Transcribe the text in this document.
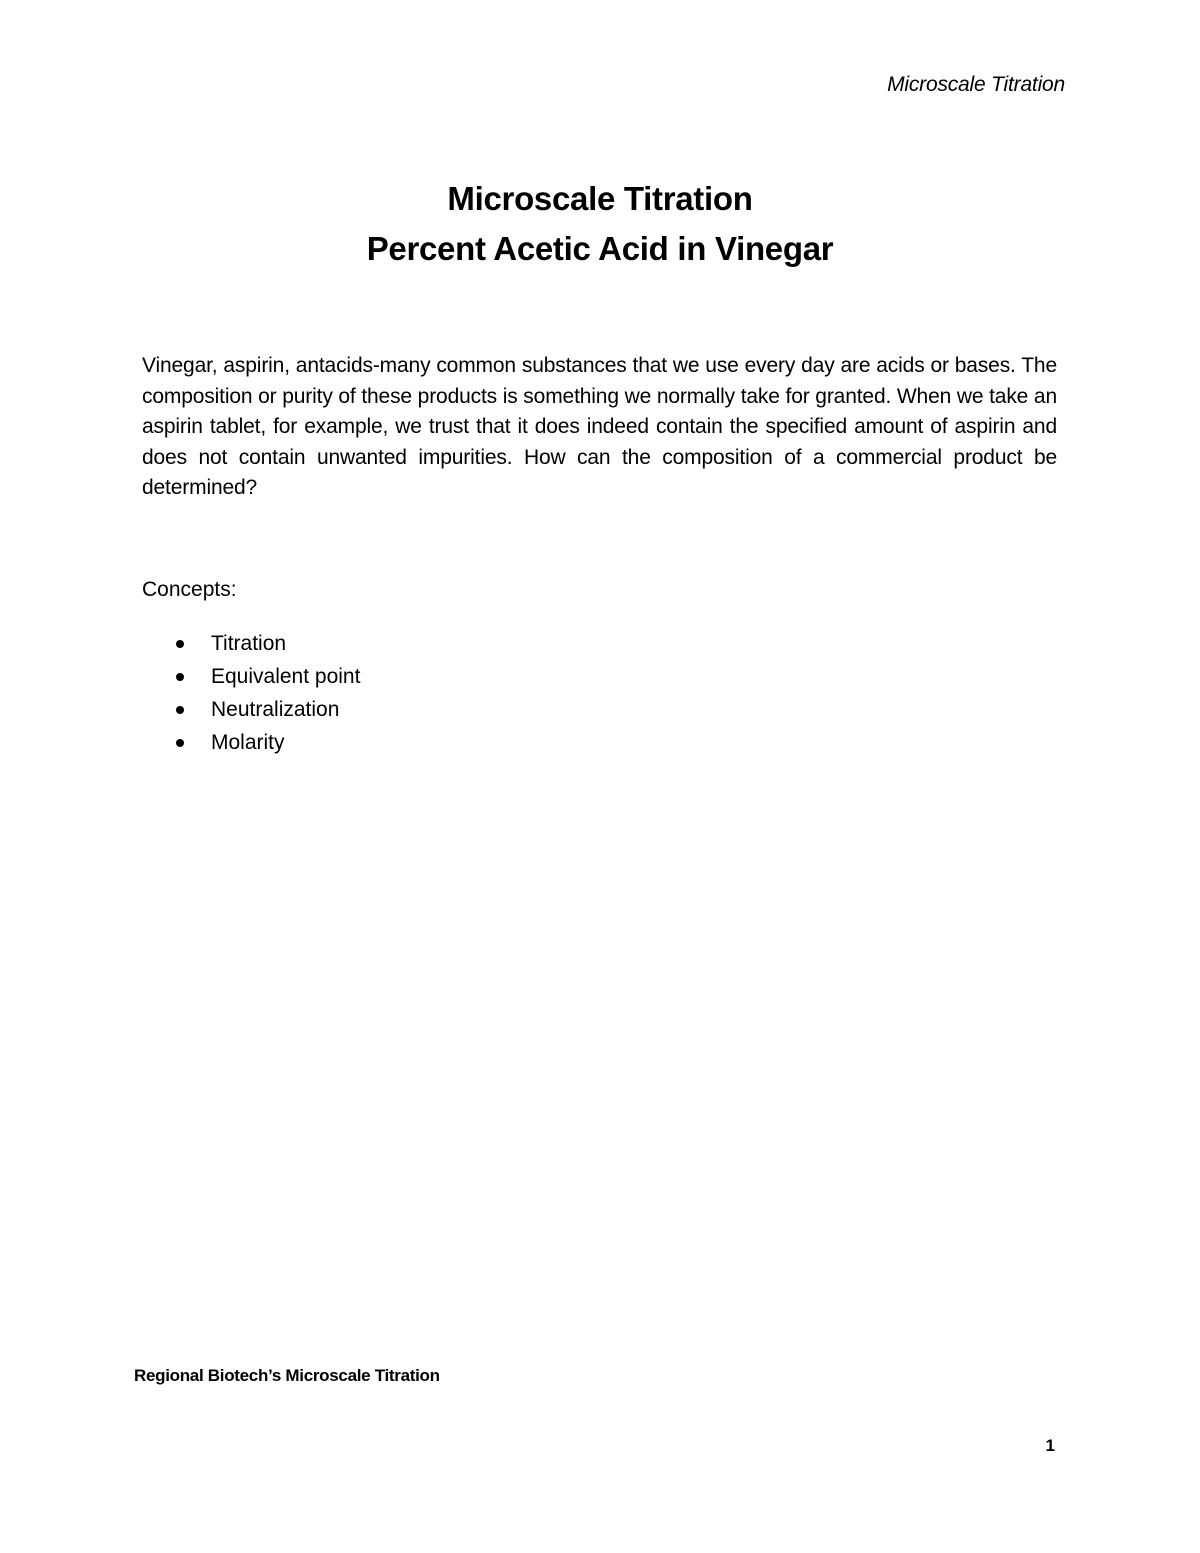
Microscale Titration
Microscale Titration
Percent Acetic Acid in Vinegar

Vinegar, aspirin, antacids-many common substances that we use every day are acids or bases. The composition or purity of these products is something we normally take for granted. When we take an aspirin tablet, for example, we trust that it does indeed contain the specified amount of aspirin and does not contain unwanted impurities. How can the composition of a commercial product be determined?

Concepts:

Titration
Equivalent point
Neutralization
Molarity
Regional Biotech’s Microscale Titration
1
